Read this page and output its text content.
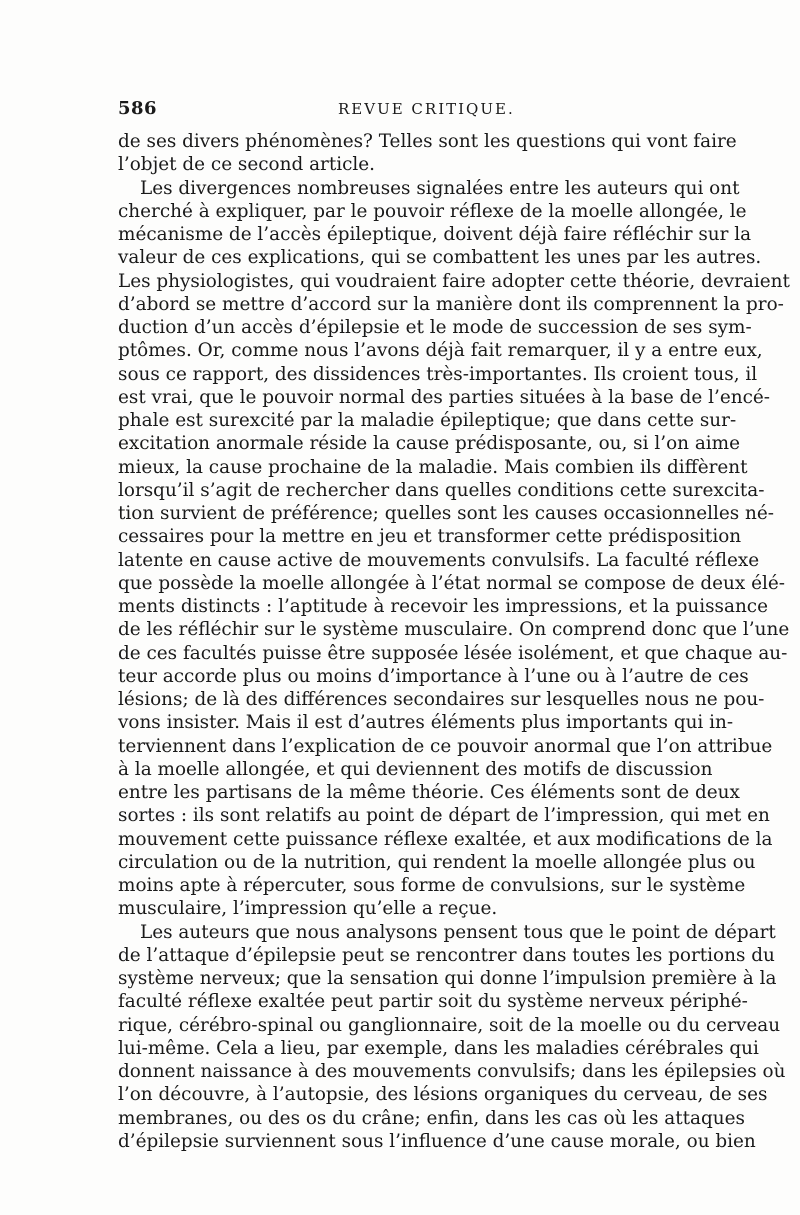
586	REVUE CRITIQUE.
de ses divers phénomènes? Telles sont les questions qui vont faire
l’objet de ce second article.
Les divergences nombreuses signalées entre les auteurs qui ont
cherché à expliquer, par le pouvoir réflexe de la moelle allongée, le
mécanisme de l’accès épileptique, doivent déjà faire réfléchir sur la
valeur de ces explications, qui se combattent les unes par les autres.
Les physiologistes, qui voudraient faire adopter cette théorie, devraient
d’abord se mettre d’accord sur la manière dont ils comprennent la pro-
duction d’un accès d’épilepsie et le mode de succession de ses sym-
ptômes. Or, comme nous l’avons déjà fait remarquer, il y a entre eux,
sous ce rapport, des dissidences très-importantes. Ils croient tous, il
est vrai, que le pouvoir normal des parties situées à la base de l’encé-
phale est surexcité par la maladie épileptique; que dans cette sur-
excitation anormale réside la cause prédisposante, ou, si l’on aime
mieux, la cause prochaine de la maladie. Mais combien ils diffèrent
lorsqu’il s’agit de rechercher dans quelles conditions cette surexcita-
tion survient de préférence; quelles sont les causes occasionnelles né-
cessaires pour la mettre en jeu et transformer cette prédisposition
latente en cause active de mouvements convulsifs. La faculté réflexe
que possède la moelle allongée à l’état normal se compose de deux élé-
ments distincts : l’aptitude à recevoir les impressions, et la puissance
de les réfléchir sur le système musculaire. On comprend donc que l’une
de ces facultés puisse être supposée lésée isolément, et que chaque au-
teur accorde plus ou moins d’importance à l’une ou à l’autre de ces
lésions; de là des différences secondaires sur lesquelles nous ne pou-
vons insister. Mais il est d’autres éléments plus importants qui in-
terviennent dans l’explication de ce pouvoir anormal que l’on attribue
à la moelle allongée, et qui deviennent des motifs de discussion
entre les partisans de la même théorie. Ces éléments sont de deux
sortes : ils sont relatifs au point de départ de l’impression, qui met en
mouvement cette puissance réflexe exaltée, et aux modifications de la
circulation ou de la nutrition, qui rendent la moelle allongée plus ou
moins apte à répercuter, sous forme de convulsions, sur le système
musculaire, l’impression qu’elle a reçue.
Les auteurs que nous analysons pensent tous que le point de départ
de l’attaque d’épilepsie peut se rencontrer dans toutes les portions du
système nerveux; que la sensation qui donne l’impulsion première à la
faculté réflexe exaltée peut partir soit du système nerveux périphé-
rique, cérébro-spinal ou ganglionnaire, soit de la moelle ou du cerveau
lui-même. Cela a lieu, par exemple, dans les maladies cérébrales qui
donnent naissance à des mouvements convulsifs; dans les épilepsies où
l’on découvre, à l’autopsie, des lésions organiques du cerveau, de ses
membranes, ou des os du crâne; enfin, dans les cas où les attaques
d’épilepsie surviennent sous l’influence d’une cause morale, ou bien
